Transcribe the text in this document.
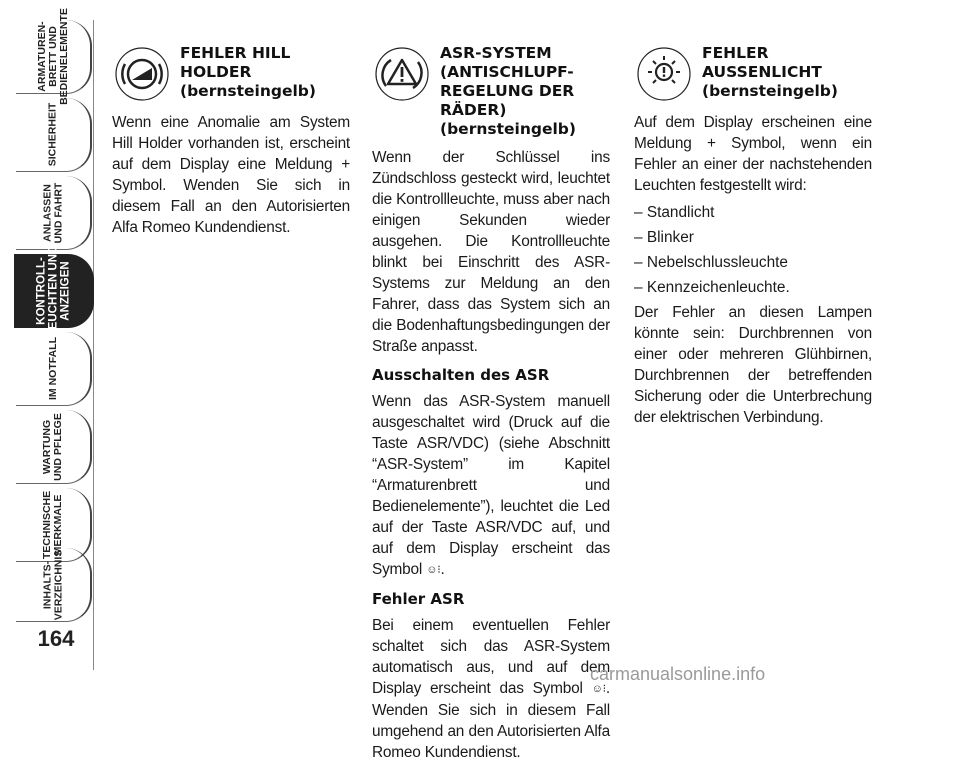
ARMATUREN-
BRETT UND
BEDIENELEMENTE
SICHERHEIT
ANLASSEN
UND FAHRT
KONTROLL-
LEUCHTEN UND
ANZEIGEN
IM NOTFALL
WARTUNG
UND PFLEGE
TECHNISCHE
MERKMALE
INHALTS-
VERZEICHNIS
164
FEHLER HILL
HOLDER
(bernsteingelb)

Wenn eine Anomalie am System Hill Holder vorhanden ist, erscheint auf dem Display eine Meldung + Symbol. Wenden Sie sich in diesem Fall an den Autorisierten Alfa Romeo Kundendienst.

ASR-SYSTEM
(ANTISCHLUPF-
REGELUNG DER
RÄDER)
(bernsteingelb)

Wenn der Schlüssel ins Zündschloss gesteckt wird, leuchtet die Kontrollleuchte, muss aber nach einigen Sekunden wieder ausgehen. Die Kontrollleuchte blinkt bei Einschritt des ASR-Systems zur Meldung an den Fahrer, dass das System sich an die Bodenhaftungsbedingungen der Straße anpasst.

Ausschalten des ASR

Wenn das ASR-System manuell ausgeschaltet wird (Druck auf die Taste ASR/VDC) (siehe Abschnitt “ASR-System” im Kapitel “Armaturenbrett und Bedienelemente”), leuchtet die Led auf der Taste ASR/VDC auf, und auf dem Display erscheint das Symbol ☺⁝.

Fehler ASR

Bei einem eventuellen Fehler schaltet sich das ASR-System automatisch aus, und auf dem Display erscheint das Symbol ☺⁝. Wenden Sie sich in diesem Fall umgehend an den Autorisierten Alfa Romeo Kundendienst.

FEHLER
AUSSENLICHT
(bernsteingelb)

Auf dem Display erscheinen eine Meldung + Symbol, wenn ein Fehler an einer der nachstehenden Leuchten festgestellt wird:

– Standlicht
– Blinker
– Nebelschlussleuchte
– Kennzeichenleuchte.

Der Fehler an diesen Lampen könnte sein: Durchbrennen von einer oder mehreren Glühbirnen, Durchbrennen der betreffenden Sicherung oder die Unterbrechung der elektrischen Verbindung.

carmanualsonline.info
